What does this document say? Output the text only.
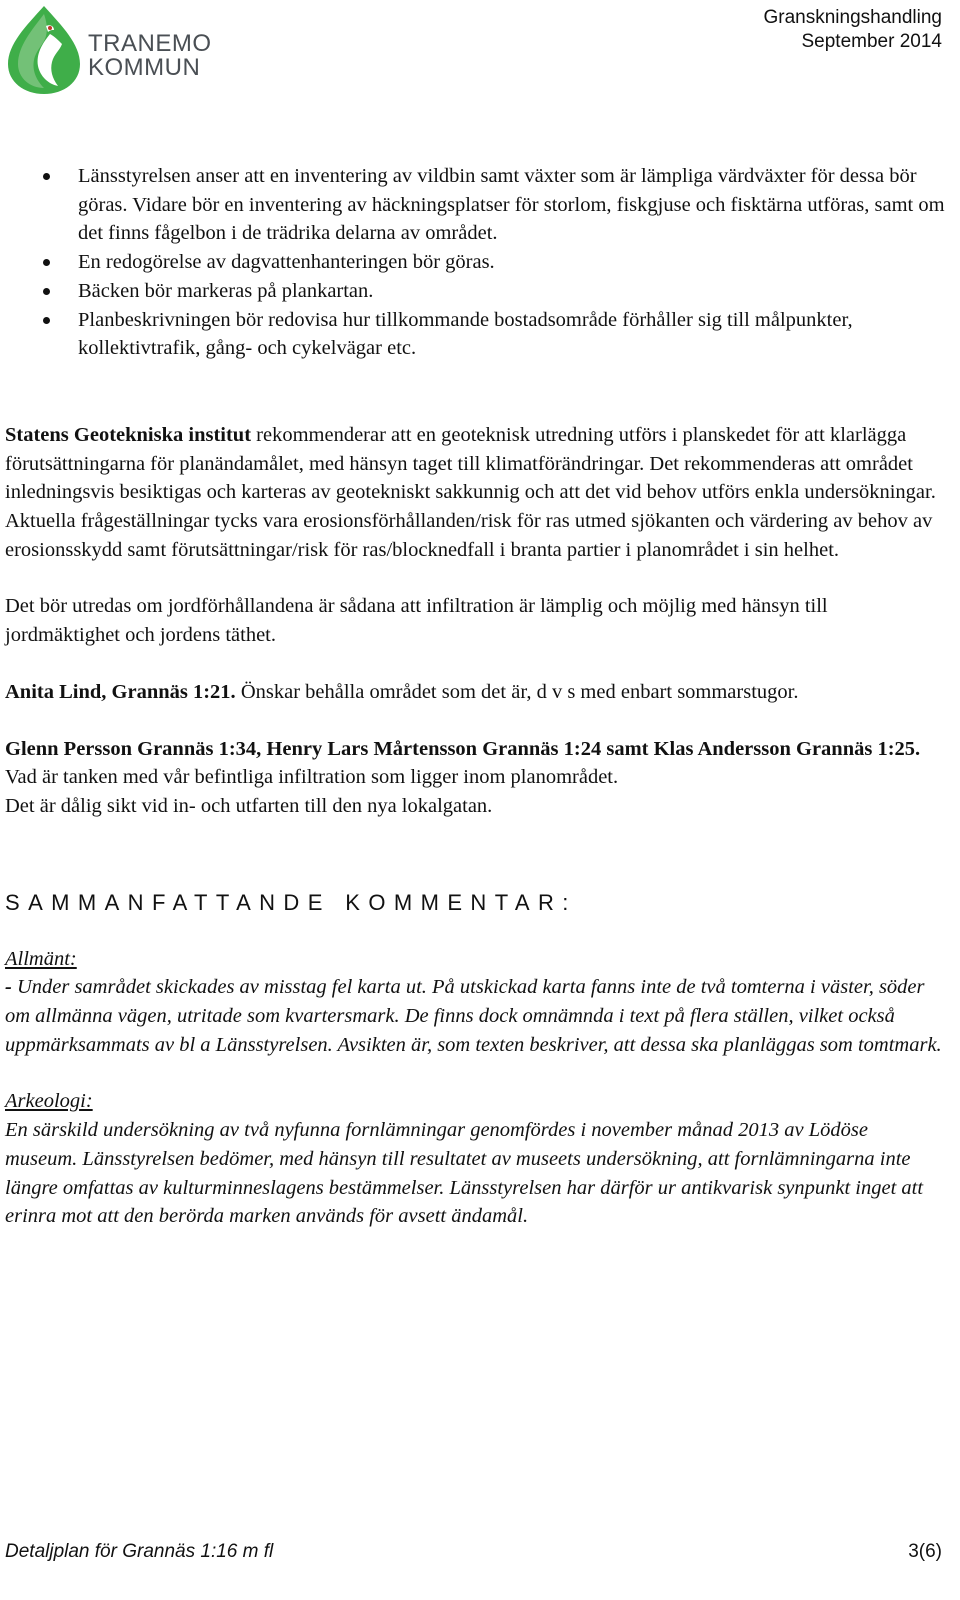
TRANEMO
KOMMUN
Granskningshandling
September 2014
Länsstyrelsen anser att en inventering av vildbin samt växter som är lämpliga värdväxter för dessa bör göras. Vidare bör en inventering av häckningsplatser för storlom, fiskgjuse och fisktärna utföras, samt om det finns fågelbon i de trädrika delarna av området.
En redogörelse av dagvattenhanteringen bör göras.
Bäcken bör markeras på plankartan.
Planbeskrivningen bör redovisa hur tillkommande bostadsområde förhåller sig till målpunkter, kollektivtrafik, gång- och cykelvägar etc.

Statens Geotekniska institut rekommenderar att en geoteknisk utredning utförs i planskedet för att klarlägga förutsättningarna för planändamålet, med hänsyn taget till klimatförändringar. Det rekommenderas att området inledningsvis besiktigas och karteras av geotekniskt sakkunnig och att det vid behov utförs enkla undersökningar. Aktuella frågeställningar tycks vara erosionsförhållanden/risk för ras utmed sjökanten och värdering av behov av erosionsskydd samt förutsättningar/risk för ras/blocknedfall i branta partier i planområdet i sin helhet.

Det bör utredas om jordförhållandena är sådana att infiltration är lämplig och möjlig med hänsyn till jordmäktighet och jordens täthet.

Anita Lind, Grannäs 1:21. Önskar behålla området som det är, d v s med enbart sommarstugor.

Glenn Persson Grannäs 1:34, Henry Lars Mårtensson Grannäs 1:24 samt Klas Andersson Grannäs 1:25.

Vad är tanken med vår befintliga infiltration som ligger inom planområdet.

Det är dålig sikt vid in- och utfarten till den nya lokalgatan.

SAMMANFATTANDE KOMMENTAR:

Allmänt:

- Under samrådet skickades av misstag fel karta ut. På utskickad karta fanns inte de två tomterna i väster, söder om allmänna vägen, utritade som kvartersmark. De finns dock omnämnda i text på flera ställen, vilket också uppmärksammats av bl a Länsstyrelsen. Avsikten är, som texten beskriver, att dessa ska planläggas som tomtmark.

Arkeologi:

En särskild undersökning av två nyfunna fornlämningar genomfördes i november månad 2013 av Lödöse museum. Länsstyrelsen bedömer, med hänsyn till resultatet av museets undersökning, att fornlämningarna inte längre omfattas av kulturminneslagens bestämmelser. Länsstyrelsen har därför ur antikvarisk synpunkt inget att erinra mot att den berörda marken används för avsett ändamål.

Detaljplan för Grannäs 1:16 m fl	3(6)
